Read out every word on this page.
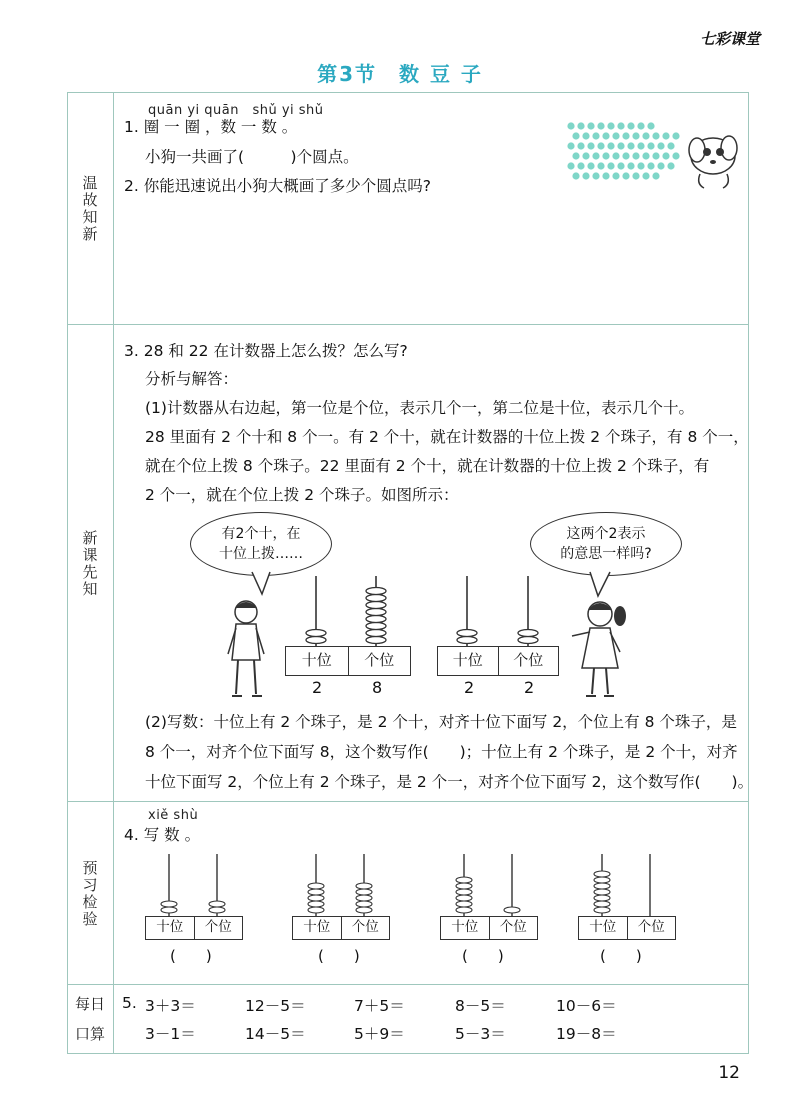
七彩课堂
第3节　数 豆 子
温故知新
新课先知
预习检验
每日
口算
quān yi quān　shǔ yi shǔ
1. 圈 一 圈 ，数 一 数 。
小狗一共画了(　　　)个圆点。
2. 你能迅速说出小狗大概画了多少个圆点吗?
3. 28 和 22 在计数器上怎么拨？怎么写?
分析与解答：
(1)计数器从右边起，第一位是个位，表示几个一，第二位是十位，表示几个十。
28 里面有 2 个十和 8 个一。有 2 个十，就在计数器的十位上拨 2 个珠子，有 8 个一，
就在个位上拨 8 个珠子。22 里面有 2 个十，就在计数器的十位上拨 2 个珠子，有
2 个一，就在个位上拨 2 个珠子。如图所示：
有2个十，在
十位上拨……
这两个2表示
的意思一样吗?
十位	个位	十位	个位
2	8	2	2
(2)写数：十位上有 2 个珠子，是 2 个十，对齐十位下面写 2，个位上有 8 个珠子，是
8 个一，对齐个位下面写 8，这个数写作(　　)；十位上有 2 个珠子，是 2 个十，对齐
十位下面写 2，个位上有 2 个珠子，是 2 个一，对齐个位下面写 2，这个数写作(　　)。
xiě shù
4. 写 数 。
十位	个位	十位	个位	十位	个位	十位	个位
(　　)	(　　)	(　　)	(　　)
5. 3＋3＝	12－5＝	7＋5＝	8－5＝	10－6＝
3－1＝	14－5＝	5＋9＝	5－3＝	19－8＝
12
